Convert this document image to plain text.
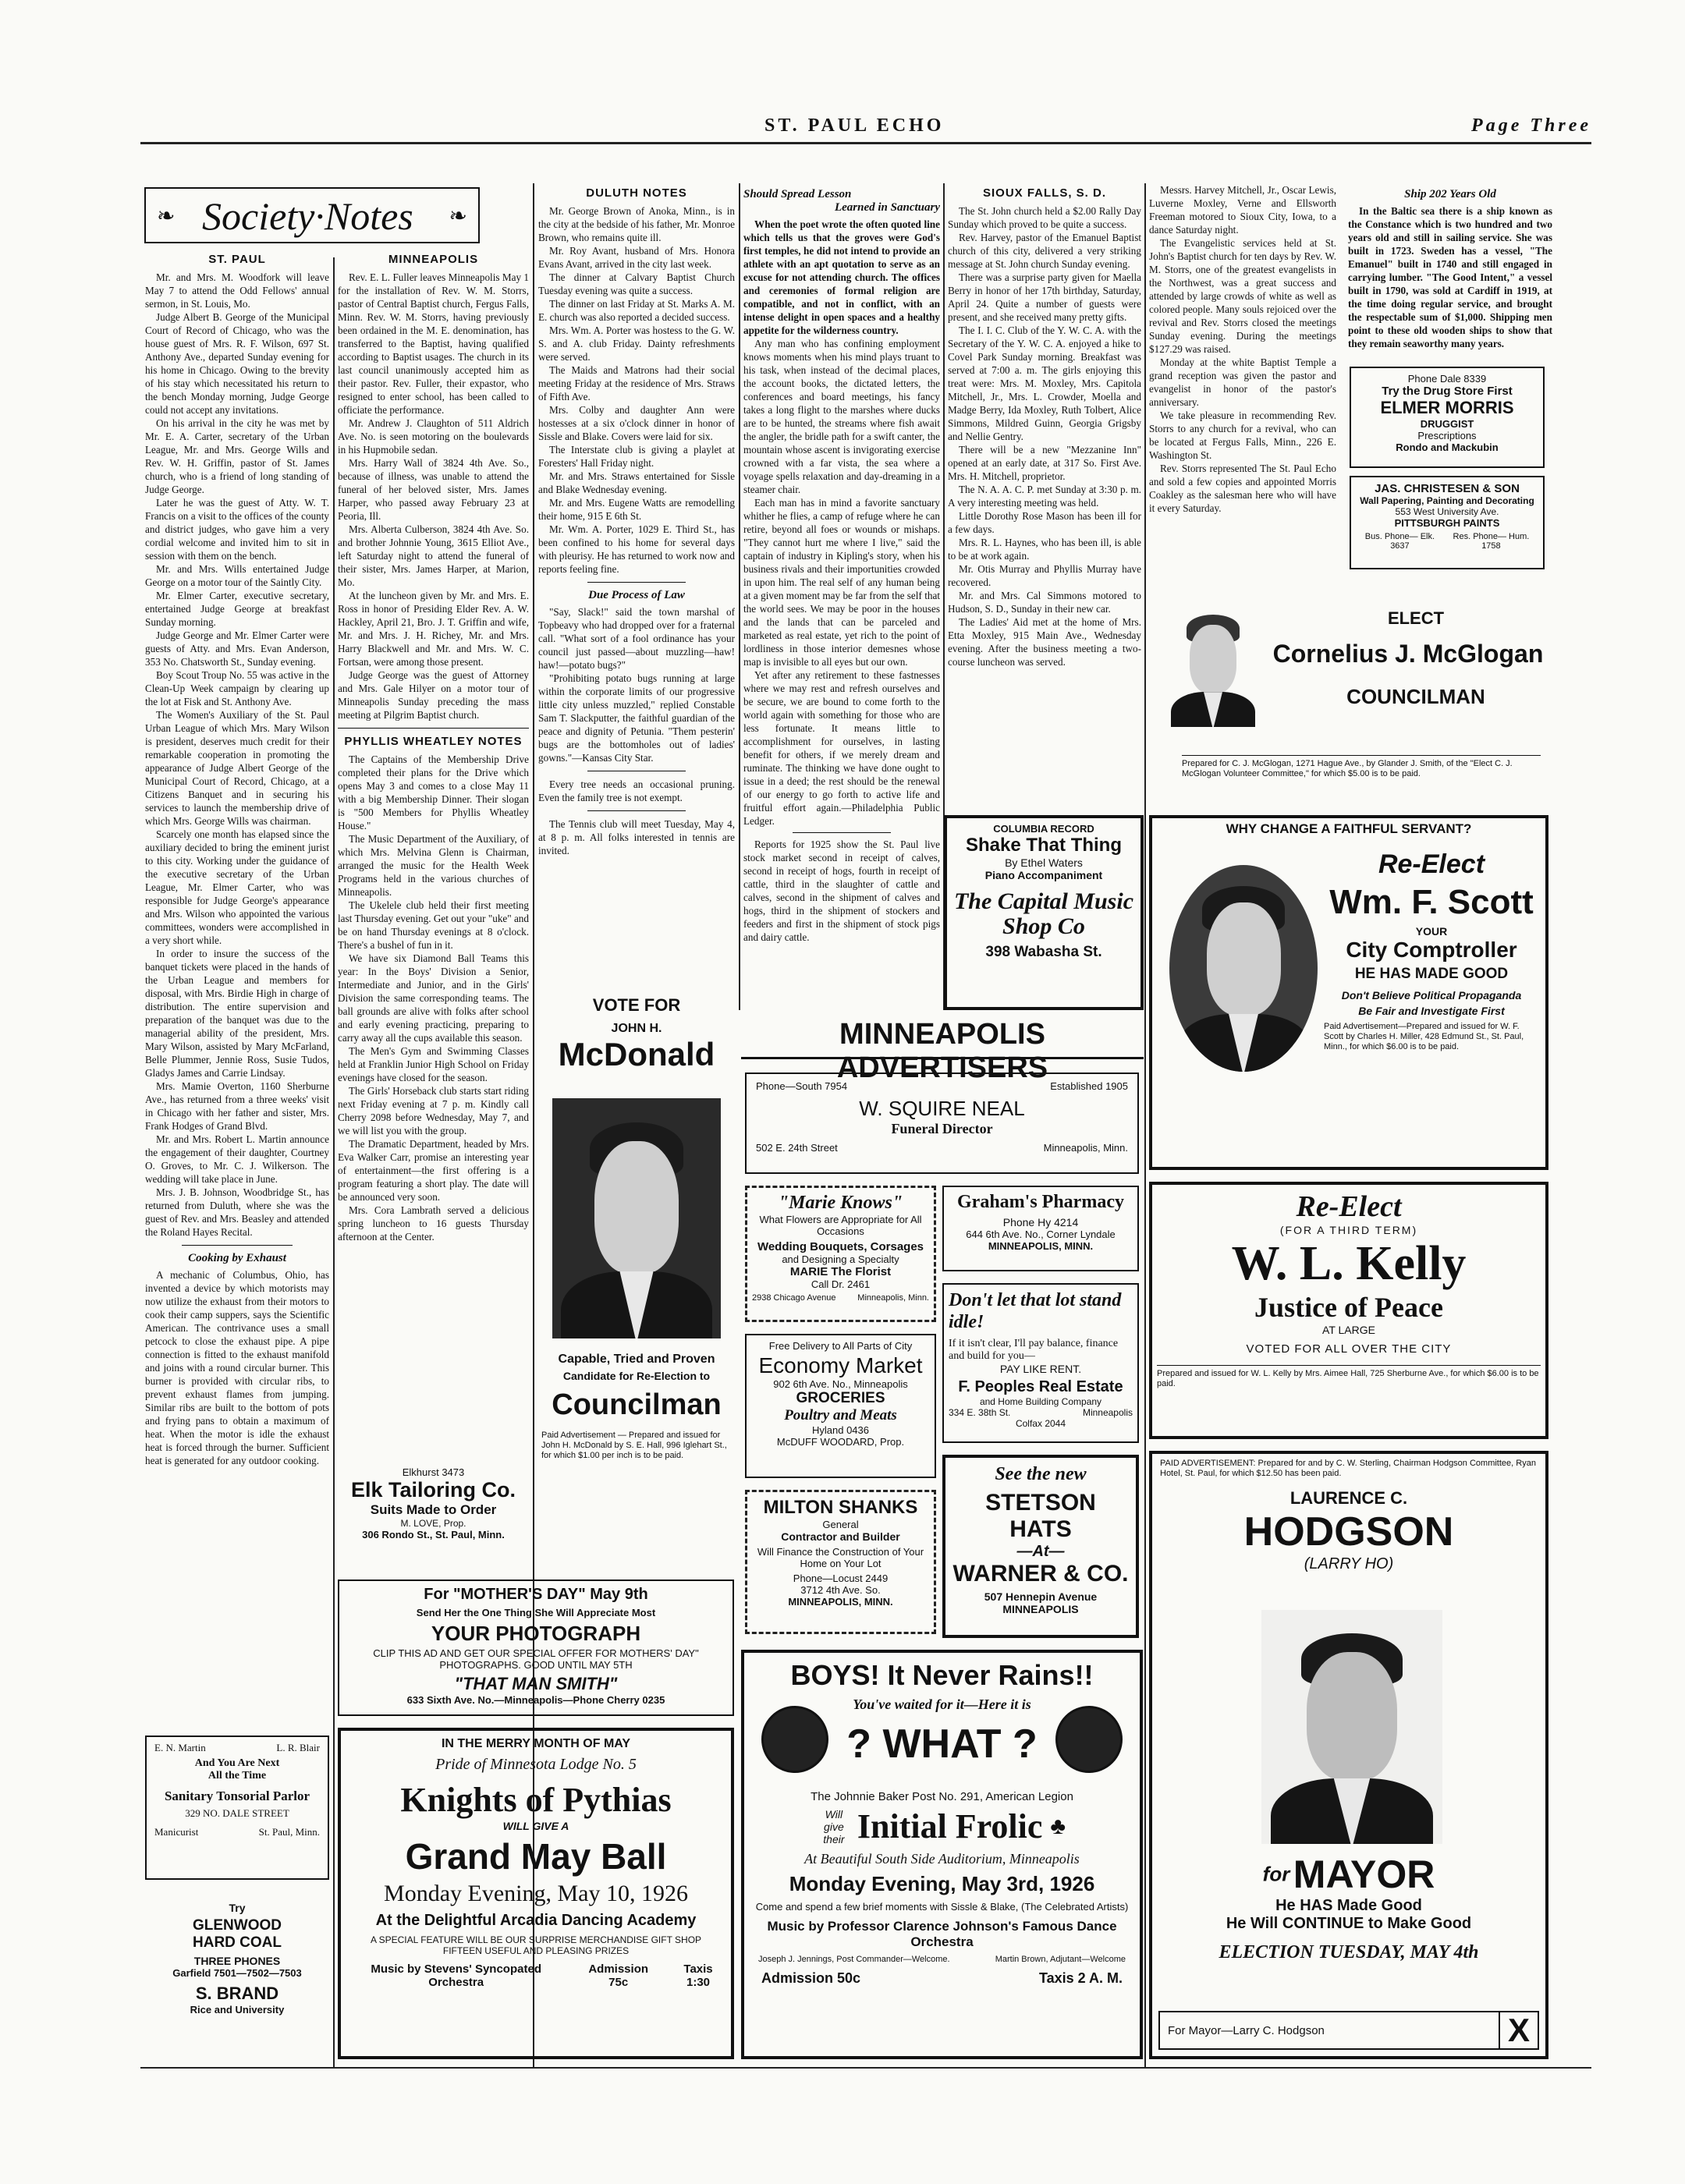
ST. PAUL ECHO	Page Three
❧ Society·Notes ❧
ST. PAUL

Mr. and Mrs. M. Woodfork will leave May 7 to attend the Odd Fellows' annual sermon, in St. Louis, Mo.

Judge Albert B. George of the Municipal Court of Record of Chicago, who was the house guest of Mrs. R. F. Wilson, 697 St. Anthony Ave., departed Sunday evening for his home in Chicago. Owing to the brevity of his stay which necessitated his return to the bench Monday morning, Judge George could not accept any invitations.

On his arrival in the city he was met by Mr. E. A. Carter, secretary of the Urban League, Mr. and Mrs. George Wills and Rev. W. H. Griffin, pastor of St. James church, who is a friend of long standing of Judge George.

Later he was the guest of Atty. W. T. Francis on a visit to the offices of the county and district judges, who gave him a very cordial welcome and invited him to sit in session with them on the bench.

Mr. and Mrs. Wills entertained Judge George on a motor tour of the Saintly City.

Mr. Elmer Carter, executive secretary, entertained Judge George at breakfast Sunday morning.

Judge George and Mr. Elmer Carter were guests of Atty. and Mrs. Evan Anderson, 353 No. Chatsworth St., Sunday evening.

Boy Scout Troup No. 55 was active in the Clean-Up Week campaign by clearing up the lot at Fisk and St. Anthony Ave.

The Women's Auxiliary of the St. Paul Urban League of which Mrs. Mary Wilson is president, deserves much credit for their remarkable cooperation in promoting the appearance of Judge Albert George of the Municipal Court of Record, Chicago, at a Citizens Banquet and in securing his services to launch the membership drive of which Mrs. George Wills was chairman.

Scarcely one month has elapsed since the auxiliary decided to bring the eminent jurist to this city. Working under the guidance of the executive secretary of the Urban League, Mr. Elmer Carter, who was responsible for Judge George's appearance and Mrs. Wilson who appointed the various committees, wonders were accomplished in a very short while.

In order to insure the success of the banquet tickets were placed in the hands of the Urban League and members for disposal, with Mrs. Birdie High in charge of distribution. The entire supervision and preparation of the banquet was due to the managerial ability of the president, Mrs. Mary Wilson, assisted by Mary McFarland, Belle Plummer, Jennie Ross, Susie Tudos, Gladys James and Carrie Lindsay.

Mrs. Mamie Overton, 1160 Sherburne Ave., has returned from a three weeks' visit in Chicago with her father and sister, Mrs. Frank Hodges of Grand Blvd.

Mr. and Mrs. Robert L. Martin announce the engagement of their daughter, Courtney O. Groves, to Mr. C. J. Wilkerson. The wedding will take place in June.

Mrs. J. B. Johnson, Woodbridge St., has returned from Duluth, where she was the guest of Rev. and Mrs. Beasley and attended the Roland Hayes Recital.

Cooking by Exhaust

A mechanic of Columbus, Ohio, has invented a device by which motorists may now utilize the exhaust from their motors to cook their camp suppers, says the Scientific American. The contrivance uses a small petcock to close the exhaust pipe. A pipe connection is fitted to the exhaust manifold and joins with a round circular burner. This burner is provided with circular ribs, to prevent exhaust flames from jumping. Similar ribs are built to the bottom of pots and frying pans to obtain a maximum of heat. When the motor is idle the exhaust heat is forced through the burner. Sufficient heat is generated for any outdoor cooking.

E. N. Martin	L. R. Blair
And You Are Next
All the Time
Sanitary Tonsorial Parlor
329 NO. DALE STREET
Manicurist	St. Paul, Minn.
Try
GLENWOOD HARD COAL
THREE PHONES
Garfield 7501—7502—7503
S. BRAND
Rice and University
MINNEAPOLIS

Rev. E. L. Fuller leaves Minneapolis May 1 for the installation of Rev. W. M. Storrs, pastor of Central Baptist church, Fergus Falls, Minn. Rev. W. M. Storrs, having previously been ordained in the M. E. denomination, has transferred to the Baptist, having qualified according to Baptist usages. The church in its last council unanimously accepted him as their pastor. Rev. Fuller, their expastor, who resigned to enter school, has been called to officiate the performance.

Mr. Andrew J. Claughton of 511 Aldrich Ave. No. is seen motoring on the boulevards in his Hupmobile sedan.

Mrs. Harry Wall of 3824 4th Ave. So., because of illness, was unable to attend the funeral of her beloved sister, Mrs. James Harper, who passed away February 23 at Peoria, Ill.

Mrs. Alberta Culberson, 3824 4th Ave. So. and brother Johnnie Young, 3615 Elliot Ave., left Saturday night to attend the funeral of their sister, Mrs. James Harper, at Marion, Mo.

At the luncheon given by Mr. and Mrs. E. Ross in honor of Presiding Elder Rev. A. W. Hackley, April 21, Bro. J. T. Griffin and wife, Mr. and Mrs. J. H. Richey, Mr. and Mrs. Harry Blackwell and Mr. and Mrs. W. C. Fortsan, were among those present.

Judge George was the guest of Attorney and Mrs. Gale Hilyer on a motor tour of Minneapolis Sunday preceding the mass meeting at Pilgrim Baptist church.

PHYLLIS WHEATLEY NOTES

The Captains of the Membership Drive completed their plans for the Drive which opens May 3 and comes to a close May 11 with a big Membership Dinner. Their slogan is "500 Members for Phyllis Wheatley House."

The Music Department of the Auxiliary, of which Mrs. Melvina Glenn is Chairman, arranged the music for the Health Week Programs held in the various churches of Minneapolis.

The Ukelele club held their first meeting last Thursday evening. Get out your "uke" and be on hand Thursday evenings at 8 o'clock. There's a bushel of fun in it.

We have six Diamond Ball Teams this year: In the Boys' Division a Senior, Intermediate and Junior, and in the Girls' Division the same corresponding teams. The ball grounds are alive with folks after school and early evening practicing, preparing to carry away all the cups available this season.

The Men's Gym and Swimming Classes held at Franklin Junior High School on Friday evenings have closed for the season.

The Girls' Horseback club starts start riding next Friday evening at 7 p. m. Kindly call Cherry 2098 before Wednesday, May 7, and we will list you with the group.

The Dramatic Department, headed by Mrs. Eva Walker Carr, promise an interesting year of entertainment—the first offering is a program featuring a short play. The date will be announced very soon.

Mrs. Cora Lambrath served a delicious spring luncheon to 16 guests Thursday afternoon at the Center.

DULUTH NOTES

Mr. George Brown of Anoka, Minn., is in the city at the bedside of his father, Mr. Monroe Brown, who remains quite ill.

Mr. Roy Avant, husband of Mrs. Honora Evans Avant, arrived in the city last week.

The dinner at Calvary Baptist Church Tuesday evening was quite a success.

The dinner on last Friday at St. Marks A. M. E. church was also reported a decided success.

Mrs. Wm. A. Porter was hostess to the G. W. S. and A. club Friday. Dainty refreshments were served.

The Maids and Matrons had their social meeting Friday at the residence of Mrs. Straws of Fifth Ave.

Mrs. Colby and daughter Ann were hostesses at a six o'clock dinner in honor of Sissle and Blake. Covers were laid for six.

The Interstate club is giving a playlet at Foresters' Hall Friday night.

Mr. and Mrs. Straws entertained for Sissle and Blake Wednesday evening.

Mr. and Mrs. Eugene Watts are remodelling their home, 915 E 6th St.

Mr. Wm. A. Porter, 1029 E. Third St., has been confined to his home for several days with pleurisy. He has returned to work now and reports feeling fine.

Due Process of Law

"Say, Slack!" said the town marshal of Topbeavy who had dropped over for a fraternal call. "What sort of a fool ordinance has your council just passed—about muzzling—haw! haw!—potato bugs?"

"Prohibiting potato bugs running at large within the corporate limits of our progressive little city unless muzzled," replied Constable Sam T. Slackputter, the faithful guardian of the peace and dignity of Petunia. "Them pesterin' bugs are the bottomholes out of ladies' gowns."—Kansas City Star.

Every tree needs an occasional pruning. Even the family tree is not exempt.

The Tennis club will meet Tuesday, May 4, at 8 p. m. All folks interested in tennis are invited.

VOTE FOR
JOHN H.
McDonald
Capable, Tried and Proven
Candidate for Re-Election to
Councilman
Paid Advertisement — Prepared and issued for John H. McDonald by S. E. Hall, 996 Iglehart St., for which $1.00 per inch is to be paid.
Elkhurst 3473
Elk Tailoring Co.
Suits Made to Order
M. LOVE, Prop.
306 Rondo St., St. Paul, Minn.
For "MOTHER'S DAY" May 9th
Send Her the One Thing She Will Appreciate Most
YOUR PHOTOGRAPH
CLIP THIS AD AND GET OUR SPECIAL OFFER FOR MOTHERS' DAY" PHOTOGRAPHS. GOOD UNTIL MAY 5TH
"THAT MAN SMITH"
633 Sixth Ave. No.—Minneapolis—Phone Cherry 0235
IN THE MERRY MONTH OF MAY
Pride of Minnesota Lodge No. 5
Knights of Pythias
WILL GIVE A
Grand May Ball
Monday Evening, May 10, 1926
At the Delightful Arcadia Dancing Academy
A SPECIAL FEATURE WILL BE OUR SURPRISE MERCHANDISE GIFT SHOP
FIFTEEN USEFUL AND PLEASING PRIZES
Music by Stevens' Syncopated Orchestra
Admission 75c
Taxis 1:30
Should Spread Lesson
Learned in Sanctuary

When the poet wrote the often quoted line which tells us that the groves were God's first temples, he did not intend to provide an athlete with an apt quotation to serve as an excuse for not attending church. The offices and ceremonies of formal religion are compatible, and not in conflict, with an intense delight in open spaces and a healthy appetite for the wilderness country.

Any man who has confining employment knows moments when his mind plays truant to his task, when instead of the decimal places, the account books, the dictated letters, the conferences and board meetings, his fancy takes a long flight to the marshes where ducks are to be hunted, the streams where fish await the angler, the bridle path for a swift canter, the mountain whose ascent is invigorating exercise crowned with a far vista, the sea where a voyage spells relaxation and day-dreaming in a steamer chair.

Each man has in mind a favorite sanctuary whither he flies, a camp of refuge where he can retire, beyond all foes or wounds or mishaps. "They cannot hurt me where I live," said the captain of industry in Kipling's story, when his business rivals and their importunities crowded in upon him. The real self of any human being at a given moment may be far from the self that the world sees. We may be poor in the houses and the lands that can be parceled and marketed as real estate, yet rich to the point of lordliness in those interior demesnes whose map is invisible to all eyes but our own.

Yet after any retirement to these fastnesses where we may rest and refresh ourselves and be secure, we are bound to come forth to the world again with something for those who are less fortunate. It means little to accomplishment for ourselves, in lasting benefit for others, if we merely dream and ruminate. The thinking we have done ought to issue in a deed; the rest should be the renewal of our energy to go forth to active life and fruitful effort again.—Philadelphia Public Ledger.

Reports for 1925 show the St. Paul live stock market second in receipt of calves, second in receipt of hogs, fourth in receipt of cattle, third in the slaughter of cattle and calves, second in the shipment of calves and hogs, third in the shipment of stockers and feeders and first in the shipment of stock pigs and dairy cattle.

SIOUX FALLS, S. D.

The St. John church held a $2.00 Rally Day Sunday which proved to be quite a success.

Rev. Harvey, pastor of the Emanuel Baptist church of this city, delivered a very striking message at St. John church Sunday evening.

There was a surprise party given for Maella Berry in honor of her 17th birthday, Saturday, April 24. Quite a number of guests were present, and she received many pretty gifts.

The I. I. C. Club of the Y. W. C. A. with the Secretary of the Y. W. C. A. enjoyed a hike to Covel Park Sunday morning. Breakfast was served at 7:00 a. m. The girls enjoying this treat were: Mrs. M. Moxley, Mrs. Capitola Mitchell, Jr., Mrs. L. Crowder, Moella and Madge Berry, Ida Moxley, Ruth Tolbert, Alice Simmons, Mildred Guinn, Georgia Grigsby and Nellie Gentry.

There will be a new "Mezzanine Inn" opened at an early date, at 317 So. First Ave. Mrs. H. Mitchell, proprietor.

The N. A. A. C. P. met Sunday at 3:30 p. m. A very interesting meeting was held.

Little Dorothy Rose Mason has been ill for a few days.

Mrs. R. L. Haynes, who has been ill, is able to be at work again.

Mr. Otis Murray and Phyllis Murray have recovered.

Mr. and Mrs. Cal Simmons motored to Hudson, S. D., Sunday in their new car.

The Ladies' Aid met at the home of Mrs. Etta Moxley, 915 Main Ave., Wednesday evening. After the business meeting a two-course luncheon was served.

COLUMBIA RECORD
Shake That Thing
By Ethel Waters
Piano Accompaniment
The Capital Music Shop Co
398 Wabasha St.
MINNEAPOLIS ADVERTISERS
Phone—South 7954	Established 1905
W. SQUIRE NEAL
Funeral Director
502 E. 24th Street	Minneapolis, Minn.
"Marie Knows"
What Flowers are Appropriate for All Occasions
Wedding Bouquets, Corsages
and Designing a Specialty
MARIE The Florist
Call Dr. 2461
2938 Chicago Avenue	Minneapolis, Minn.
Graham's Pharmacy
Phone Hy 4214
644 6th Ave. No., Corner Lyndale
MINNEAPOLIS, MINN.
Free Delivery to All Parts of City
Economy Market
902 6th Ave. No., Minneapolis
GROCERIES
Poultry and Meats
Hyland 0436
McDUFF WOODARD, Prop.
Don't let that lot stand idle!
If it isn't clear, I'll pay balance, finance and build for you—
PAY LIKE RENT.
F. Peoples Real Estate
and Home Building Company
334 E. 38th St.	Minneapolis
Colfax 2044
MILTON SHANKS
General
Contractor and Builder
Will Finance the Construction of Your Home on Your Lot
Phone—Locust 2449
3712 4th Ave. So.
MINNEAPOLIS, MINN.
See the new
STETSON HATS
—At—
WARNER & CO.
507 Hennepin Avenue
MINNEAPOLIS
BOYS! It Never Rains!!
You've waited for it—Here it is
? WHAT ?
The Johnnie Baker Post No. 291, American Legion
Will give their Initial Frolic ♣
At Beautiful South Side Auditorium, Minneapolis
Monday Evening, May 3rd, 1926
Come and spend a few brief moments with Sissle & Blake, (The Celebrated Artists)
Music by Professor Clarence Johnson's Famous Dance Orchestra
Joseph J. Jennings, Post Commander—Welcome.	Martin Brown, Adjutant—Welcome
Admission 50c	Taxis 2 A. M.

Messrs. Harvey Mitchell, Jr., Oscar Lewis, Luverne Moxley, Verne and Ellsworth Freeman motored to Sioux City, Iowa, to a dance Saturday night.

The Evangelistic services held at St. John's Baptist church for ten days by Rev. W. M. Storrs, one of the greatest evangelists in the Northwest, was a great success and attended by large crowds of white as well as colored people. Many souls rejoiced over the revival and Rev. Storrs closed the meetings Sunday evening. During the meetings $127.29 was raised.

Monday at the white Baptist Temple a grand reception was given the pastor and evangelist in honor of the pastor's anniversary.

We take pleasure in recommending Rev. Storrs to any church for a revival, who can be located at Fergus Falls, Minn., 226 E. Washington St.

Rev. Storrs represented The St. Paul Echo and sold a few copies and appointed Morris Coakley as the salesman here who will have it every Saturday.

Ship 202 Years Old

In the Baltic sea there is a ship known as the Constance which is two hundred and two years old and still in sailing service. She was built in 1723. Sweden has a vessel, "The Emanuel" built in 1740 and still engaged in carrying lumber. "The Good Intent," a vessel built in 1790, was sold at Cardiff in 1919, at the time doing regular service, and brought the respectable sum of $1,000. Shipping men point to these old wooden ships to show that they remain seaworthy many years.

Phone Dale 8339
Try the Drug Store First
ELMER MORRIS
DRUGGIST
Prescriptions
Rondo and Mackubin
JAS. CHRISTESEN & SON
Wall Papering, Painting and Decorating
553 West University Ave.
PITTSBURGH PAINTS
Bus. Phone— Elk. 3637
Res. Phone— Hum. 1758
ELECT
Cornelius J. McGlogan
COUNCILMAN
Prepared for C. J. McGlogan, 1271 Hague Ave., by Glander J. Smith, of the "Elect C. J. McGlogan Volunteer Committee," for which $5.00 is to be paid.
WHY CHANGE A FAITHFUL SERVANT?
Re-Elect
Wm. F. Scott
YOUR
City Comptroller
HE HAS MADE GOOD
Don't Believe Political Propaganda
Be Fair and Investigate First
Paid Advertisement—Prepared and issued for W. F. Scott by Charles H. Miller, 428 Edmund St., St. Paul, Minn., for which $6.00 is to be paid.
Re-Elect
(FOR A THIRD TERM)
W. L. Kelly
Justice of Peace
AT LARGE
VOTED FOR ALL OVER THE CITY
Prepared and issued for W. L. Kelly by Mrs. Aimee Hall, 725 Sherburne Ave., for which $6.00 is to be paid.
PAID ADVERTISEMENT: Prepared for and by C. W. Sterling, Chairman Hodgson Committee, Ryan Hotel, St. Paul, for which $12.50 has been paid.
LAURENCE C.
HODGSON
(LARRY HO)
for MAYOR
He HAS Made Good
He Will CONTINUE to Make Good
ELECTION TUESDAY, MAY 4th
For Mayor—Larry C. Hodgson	X
